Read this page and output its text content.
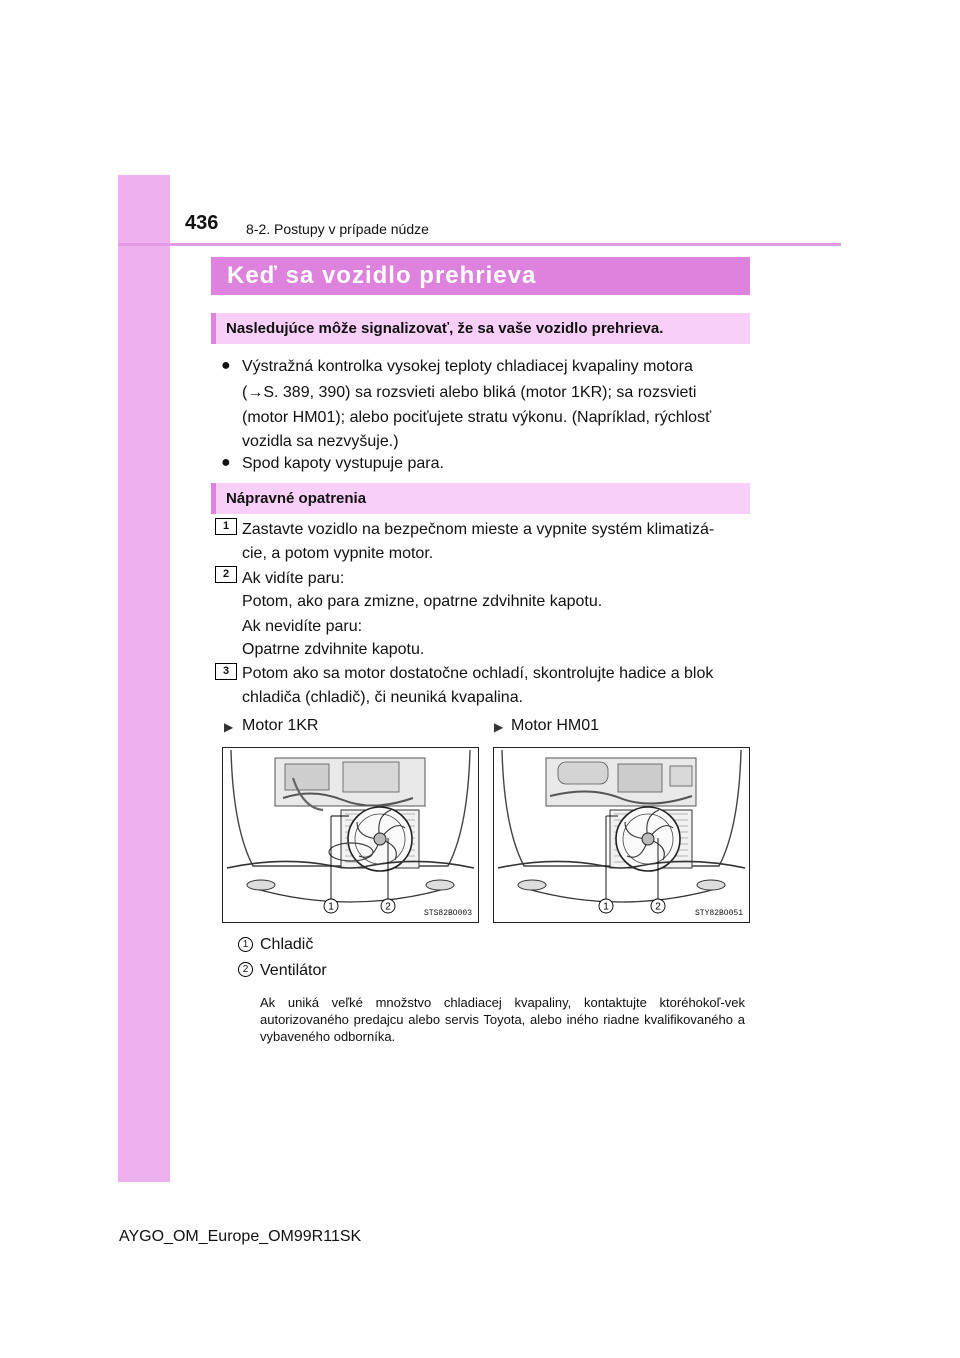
436 8-2. Postupy v prípade núdze
Keď sa vozidlo prehrieva
Nasledujúce môže signalizovať, že sa vaše vozidlo prehrieva.
● Výstražná kontrolka vysokej teploty chladiacej kvapaliny motora
(→S. 389, 390) sa rozsvieti alebo bliká (motor 1KR); sa rozsvieti
(motor HM01); alebo pociťujete stratu výkonu. (Napríklad, rýchlosť
vozidla sa nezvyšuje.)
● Spod kapoty vystupuje para.
Nápravné opatrenia
1 Zastavte vozidlo na bezpečnom mieste a vypnite systém klimatizá-
cie, a potom vypnite motor.
2 Ak vidíte paru:
Potom, ako para zmizne, opatrne zdvihnite kapotu.
Ak nevidíte paru:
Opatrne zdvihnite kapotu.
3 Potom ako sa motor dostatočne ochladí, skontrolujte hadice a blok
chladiča (chladič), či neuniká kvapalina.
▶ Motor 1KR	▶ Motor HM01
1	2
STS82BO003
1	2
STY82BO051
1 Chladič
2 Ventilátor
Ak uniká veľké množstvo chladiacej kvapaliny, kontaktujte ktoréhokoľ-vek autorizovaného predajcu alebo servis Toyota, alebo iného riadne kvalifikovaného a vybaveného odborníka.
AYGO_OM_Europe_OM99R11SK
